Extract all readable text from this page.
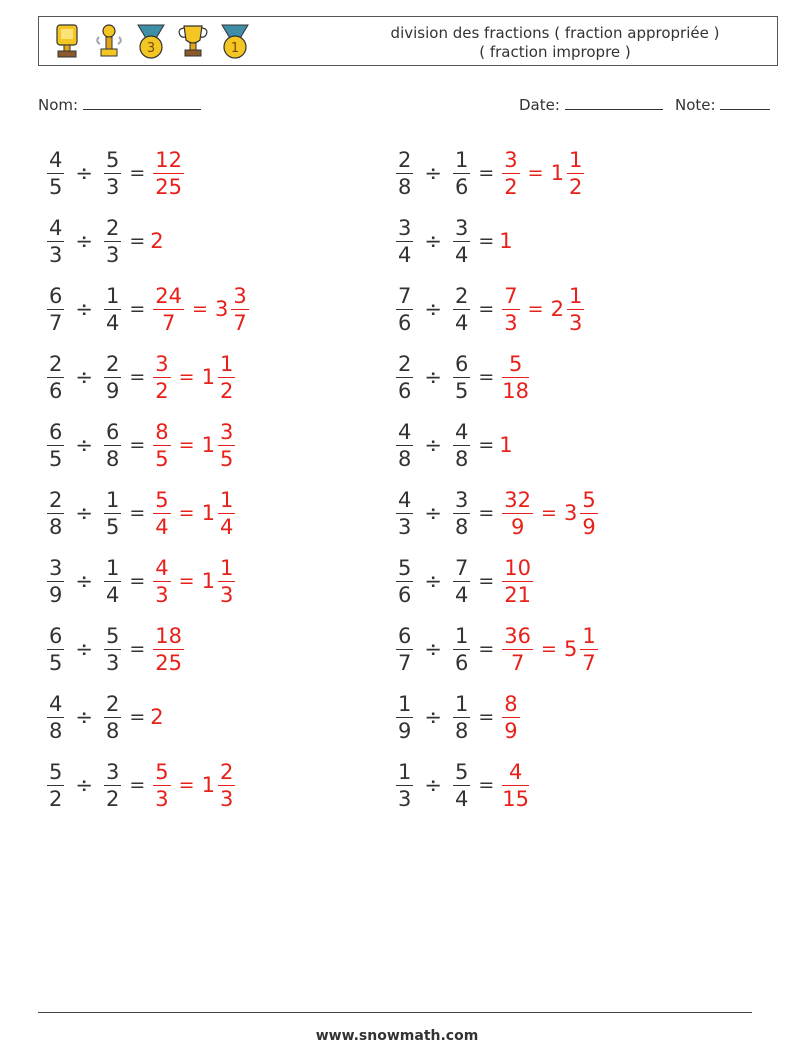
3	1
division des fractions ( fraction appropriée )
( fraction impropre )
Nom:	Date:	Note:
$\frac{4}{5} \div \frac{5}{3} = \frac{12}{25}$	$\frac{2}{8} \div \frac{1}{6} = \frac{3}{2} = 1 \frac{1}{2}$
$\frac{4}{3} \div \frac{2}{3} = 2$	$\frac{3}{4} \div \frac{3}{4} = 1$
$\frac{6}{7} \div \frac{1}{4} = \frac{24}{7} = 3 \frac{3}{7}$	$\frac{7}{6} \div \frac{2}{4} = \frac{7}{3} = 2 \frac{1}{3}$
$\frac{2}{6} \div \frac{2}{9} = \frac{3}{2} = 1 \frac{1}{2}$	$\frac{2}{6} \div \frac{6}{5} = \frac{5}{18}$
$\frac{6}{5} \div \frac{6}{8} = \frac{8}{5} = 1 \frac{3}{5}$	$\frac{4}{8} \div \frac{4}{8} = 1$
$\frac{2}{8} \div \frac{1}{5} = \frac{5}{4} = 1 \frac{1}{4}$	$\frac{4}{3} \div \frac{3}{8} = \frac{32}{9} = 3 \frac{5}{9}$
$\frac{3}{9} \div \frac{1}{4} = \frac{4}{3} = 1 \frac{1}{3}$	$\frac{5}{6} \div \frac{7}{4} = \frac{10}{21}$
$\frac{6}{5} \div \frac{5}{3} = \frac{18}{25}$	$\frac{6}{7} \div \frac{1}{6} = \frac{36}{7} = 5 \frac{1}{7}$
$\frac{4}{8} \div \frac{2}{8} = 2$	$\frac{1}{9} \div \frac{1}{8} = \frac{8}{9}$
$\frac{5}{2} \div \frac{3}{2} = \frac{5}{3} = 1 \frac{2}{3}$	$\frac{1}{3} \div \frac{5}{4} = \frac{4}{15}$
www.snowmath.com
